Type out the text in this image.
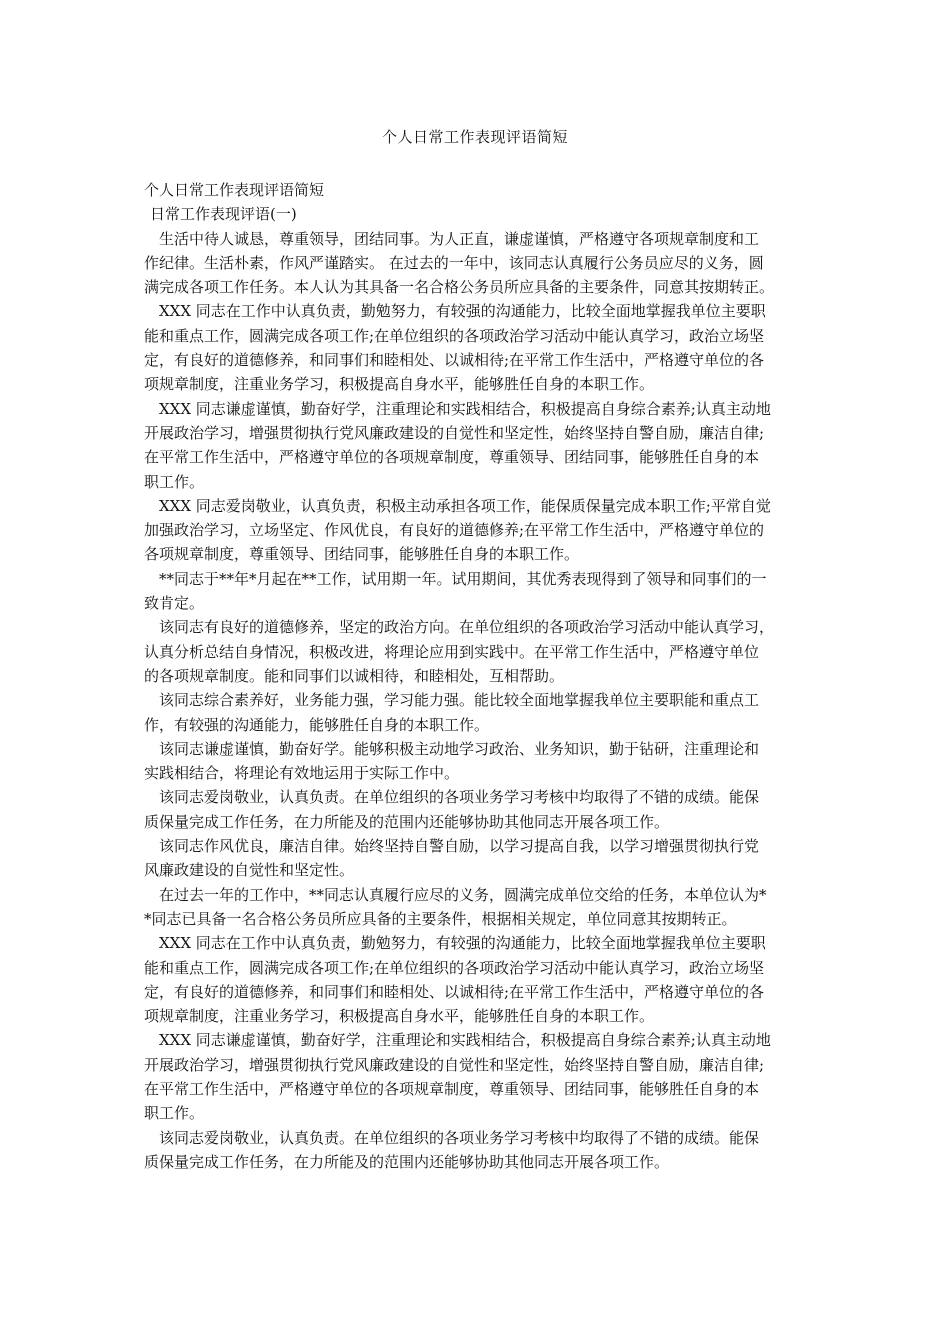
个人日常工作表现评语简短
个人日常工作表现评语简短
日常工作表现评语(一)
生活中待人诚恳，尊重领导，团结同事。为人正直，谦虚谨慎，严格遵守各项规章制度和工
作纪律。生活朴素，作风严谨踏实。 在过去的一年中，该同志认真履行公务员应尽的义务，圆
满完成各项工作任务。本人认为其具备一名合格公务员所应具备的主要条件，同意其按期转正。
XXX 同志在工作中认真负责，勤勉努力，有较强的沟通能力，比较全面地掌握我单位主要职
能和重点工作，圆满完成各项工作;在单位组织的各项政治学习活动中能认真学习，政治立场坚
定，有良好的道德修养，和同事们和睦相处、以诚相待;在平常工作生活中，严格遵守单位的各
项规章制度，注重业务学习，积极提高自身水平，能够胜任自身的本职工作。
XXX 同志谦虚谨慎，勤奋好学，注重理论和实践相结合，积极提高自身综合素养;认真主动地
开展政治学习，增强贯彻执行党风廉政建设的自觉性和坚定性，始终坚持自警自励，廉洁自律;
在平常工作生活中，严格遵守单位的各项规章制度，尊重领导、团结同事，能够胜任自身的本
职工作。
XXX 同志爱岗敬业，认真负责，积极主动承担各项工作，能保质保量完成本职工作;平常自觉
加强政治学习，立场坚定、作风优良，有良好的道德修养;在平常工作生活中，严格遵守单位的
各项规章制度，尊重领导、团结同事，能够胜任自身的本职工作。
**同志于**年*月起在**工作，试用期一年。试用期间，其优秀表现得到了领导和同事们的一
致肯定。
该同志有良好的道德修养，坚定的政治方向。在单位组织的各项政治学习活动中能认真学习，
认真分析总结自身情况，积极改进，将理论应用到实践中。在平常工作生活中，严格遵守单位
的各项规章制度。能和同事们以诚相待，和睦相处，互相帮助。
该同志综合素养好，业务能力强，学习能力强。能比较全面地掌握我单位主要职能和重点工
作，有较强的沟通能力，能够胜任自身的本职工作。
该同志谦虚谨慎，勤奋好学。能够积极主动地学习政治、业务知识，勤于钻研，注重理论和
实践相结合，将理论有效地运用于实际工作中。
该同志爱岗敬业，认真负责。在单位组织的各项业务学习考核中均取得了不错的成绩。能保
质保量完成工作任务，在力所能及的范围内还能够协助其他同志开展各项工作。
该同志作风优良，廉洁自律。始终坚持自警自励，以学习提高自我，以学习增强贯彻执行党
风廉政建设的自觉性和坚定性。
在过去一年的工作中，**同志认真履行应尽的义务，圆满完成单位交给的任务，本单位认为*
*同志已具备一名合格公务员所应具备的主要条件，根据相关规定，单位同意其按期转正。
XXX 同志在工作中认真负责，勤勉努力，有较强的沟通能力，比较全面地掌握我单位主要职
能和重点工作，圆满完成各项工作;在单位组织的各项政治学习活动中能认真学习，政治立场坚
定，有良好的道德修养，和同事们和睦相处、以诚相待;在平常工作生活中，严格遵守单位的各
项规章制度，注重业务学习，积极提高自身水平，能够胜任自身的本职工作。
XXX 同志谦虚谨慎，勤奋好学，注重理论和实践相结合，积极提高自身综合素养;认真主动地
开展政治学习，增强贯彻执行党风廉政建设的自觉性和坚定性，始终坚持自警自励，廉洁自律;
在平常工作生活中，严格遵守单位的各项规章制度，尊重领导、团结同事，能够胜任自身的本
职工作。
该同志爱岗敬业，认真负责。在单位组织的各项业务学习考核中均取得了不错的成绩。能保
质保量完成工作任务，在力所能及的范围内还能够协助其他同志开展各项工作。
